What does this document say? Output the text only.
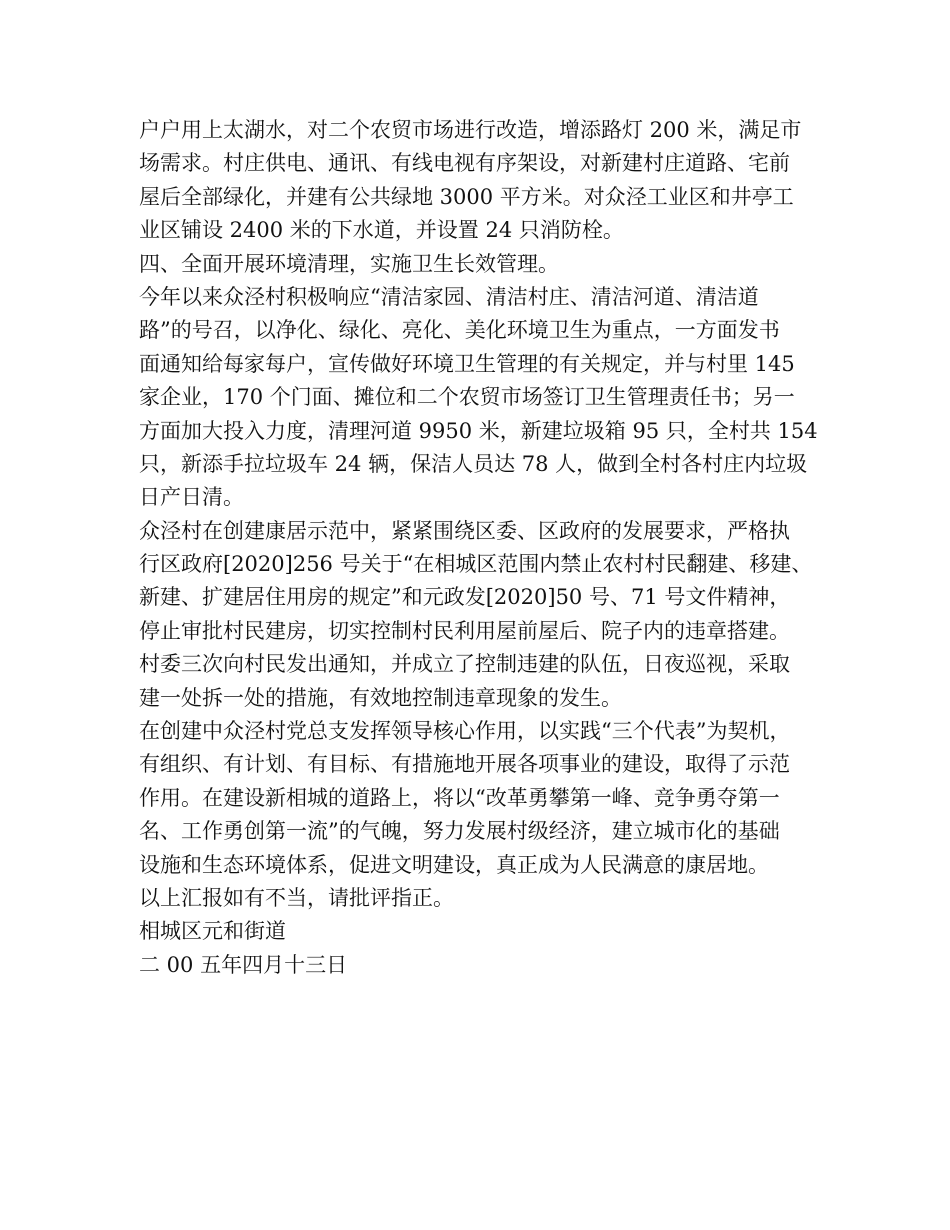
户户用上太湖水，对二个农贸市场进行改造，增添路灯 200 米，满足市
场需求。村庄供电、通讯、有线电视有序架设，对新建村庄道路、宅前
屋后全部绿化，并建有公共绿地 3000 平方米。对众泾工业区和井亭工
业区铺设 2400 米的下水道，并设置 24 只消防栓。
四、全面开展环境清理，实施卫生长效管理。
今年以来众泾村积极响应“清洁家园、清洁村庄、清洁河道、清洁道
路”的号召，以净化、绿化、亮化、美化环境卫生为重点，一方面发书
面通知给每家每户，宣传做好环境卫生管理的有关规定，并与村里 145
家企业，170 个门面、摊位和二个农贸市场签订卫生管理责任书；另一
方面加大投入力度，清理河道 9950 米，新建垃圾箱 95 只，全村共 154
只，新添手拉垃圾车 24 辆，保洁人员达 78 人，做到全村各村庄内垃圾
日产日清。
众泾村在创建康居示范中，紧紧围绕区委、区政府的发展要求，严格执
行区政府[2020]256 号关于“在相城区范围内禁止农村村民翻建、移建、
新建、扩建居住用房的规定”和元政发[2020]50 号、71 号文件精神，
停止审批村民建房，切实控制村民利用屋前屋后、院子内的违章搭建。
村委三次向村民发出通知，并成立了控制违建的队伍，日夜巡视，采取
建一处拆一处的措施，有效地控制违章现象的发生。
在创建中众泾村党总支发挥领导核心作用，以实践“三个代表”为契机，
有组织、有计划、有目标、有措施地开展各项事业的建设，取得了示范
作用。在建设新相城的道路上，将以“改革勇攀第一峰、竞争勇夺第一
名、工作勇创第一流”的气魄，努力发展村级经济，建立城市化的基础
设施和生态环境体系，促进文明建设，真正成为人民满意的康居地。
以上汇报如有不当，请批评指正。
相城区元和街道
二 00 五年四月十三日
